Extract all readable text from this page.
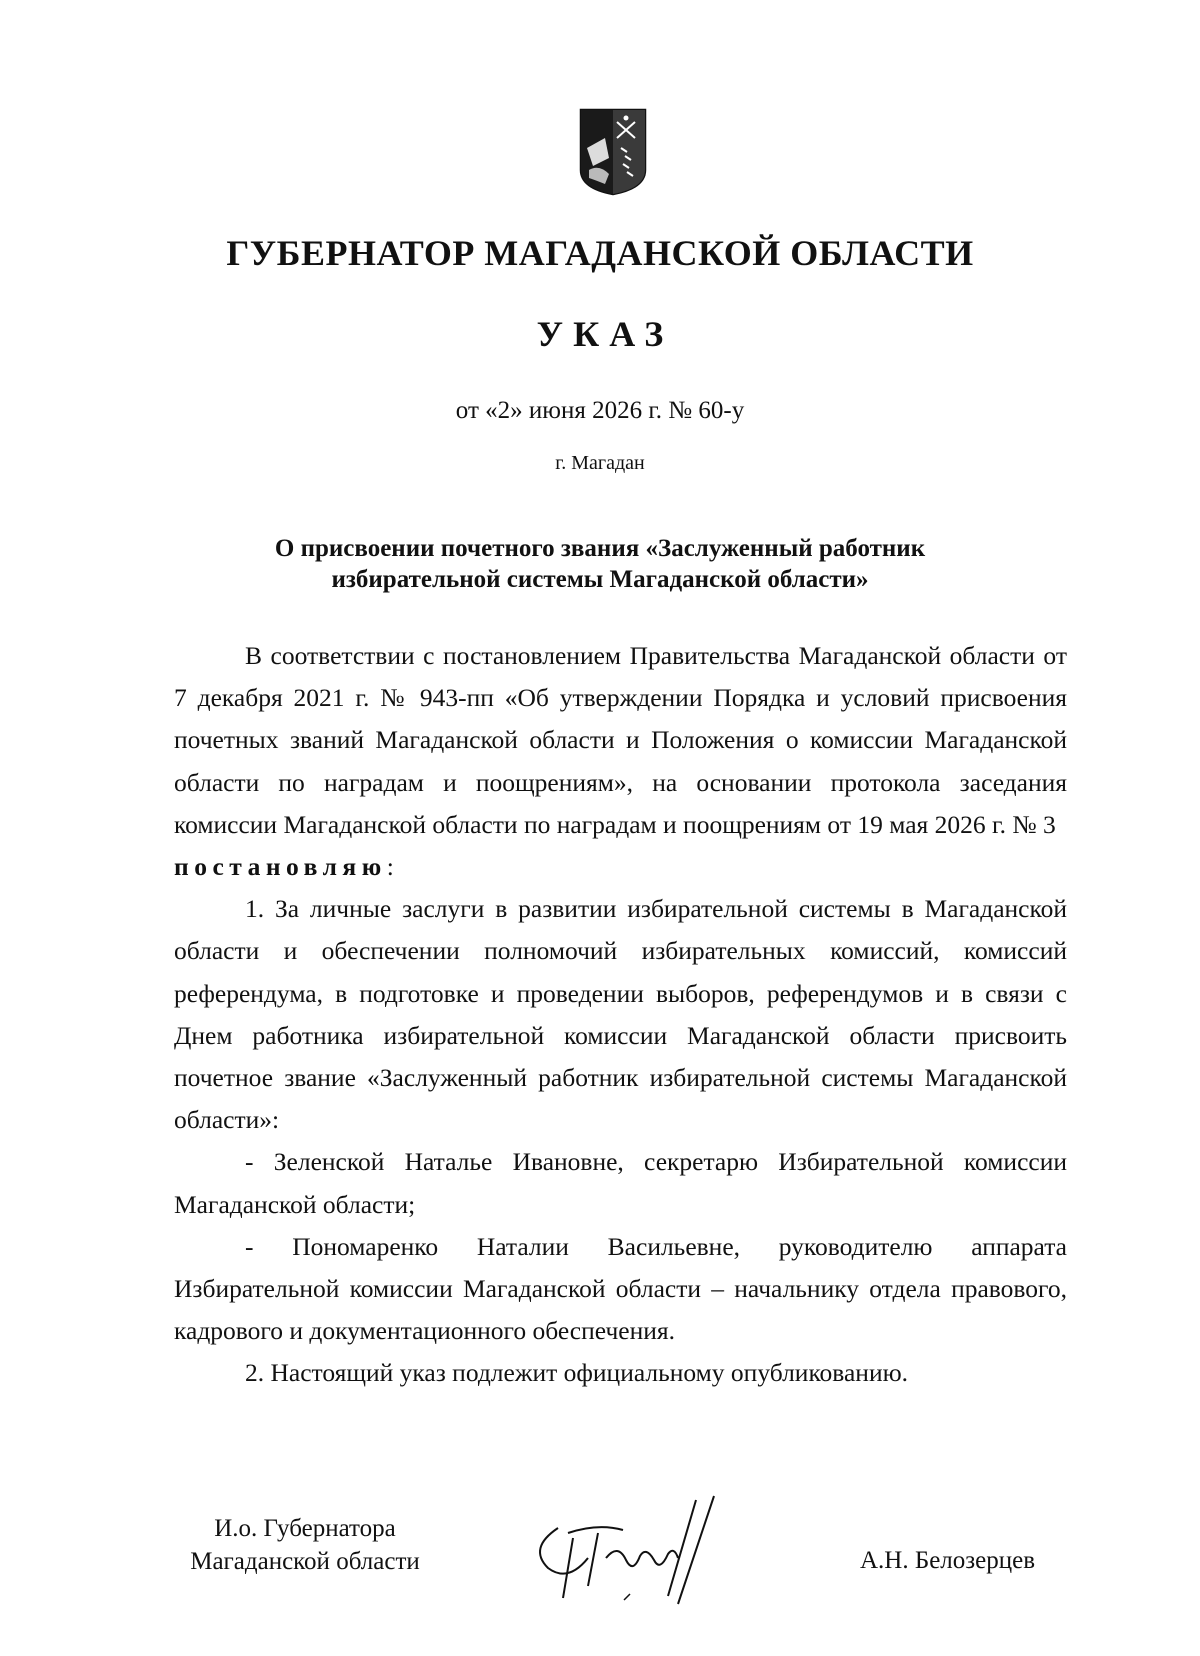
ГУБЕРНАТОР МАГАДАНСКОЙ ОБЛАСТИ
УКАЗ
от «2» июня 2026 г. № 60-у
г. Магадан
О присвоении почетного звания «Заслуженный работник
избирательной системы Магаданской области»

В соответствии с постановлением Правительства Магаданской области от 7 декабря 2021 г. № 943-пп «Об утверждении Порядка и условий присвоения почетных званий Магаданской области и Положения о комиссии Магаданской области по наградам и поощрениям», на основании протокола заседания комиссии Магаданской области по наградам и поощрениям от 19 мая 2026 г. № 3

постановляю:

1. За личные заслуги в развитии избирательной системы в Магаданской области и обеспечении полномочий избирательных комиссий, комиссий референдума, в подготовке и проведении выборов, референдумов и в связи с Днем работника избирательной комиссии Магаданской области присвоить почетное звание «Заслуженный работник избирательной системы Магаданской области»:

- Зеленской Наталье Ивановне, секретарю Избирательной комиссии Магаданской области;

- Пономаренко Наталии Васильевне, руководителю аппарата Избирательной комиссии Магаданской области – начальнику отдела правового, кадрового и документационного обеспечения.

2. Настоящий указ подлежит официальному опубликованию.

И.о. Губернатора
Магаданской области	А.Н. Белозерцев
